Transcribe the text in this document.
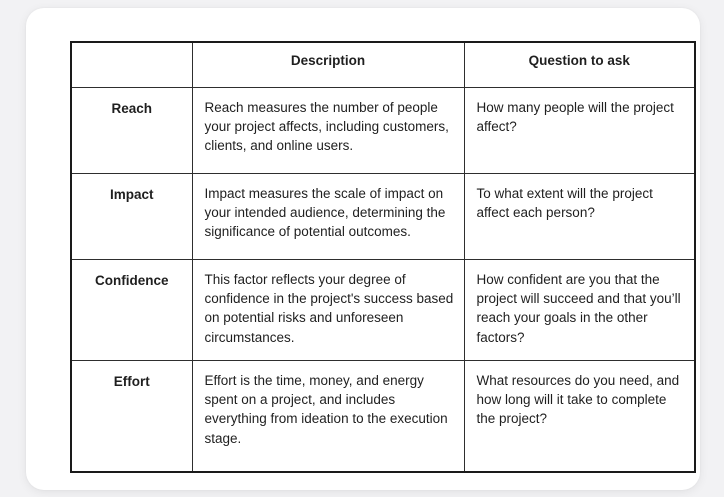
	Description	Question to ask
Reach	Reach measures the number of people your project affects, including customers, clients, and online users.	How many people will the project affect?
Impact	Impact measures the scale of impact on your intended audience, determining the significance of potential outcomes.	To what extent will the project affect each person?
Confidence	This factor reflects your degree of confidence in the project's success based on potential risks and unforeseen circumstances.	How confident are you that the project will succeed and that you’ll reach your goals in the other factors?
Effort	Effort is the time, money, and energy spent on a project, and includes everything from ideation to the execution stage.	What resources do you need, and how long will it take to complete the project?
